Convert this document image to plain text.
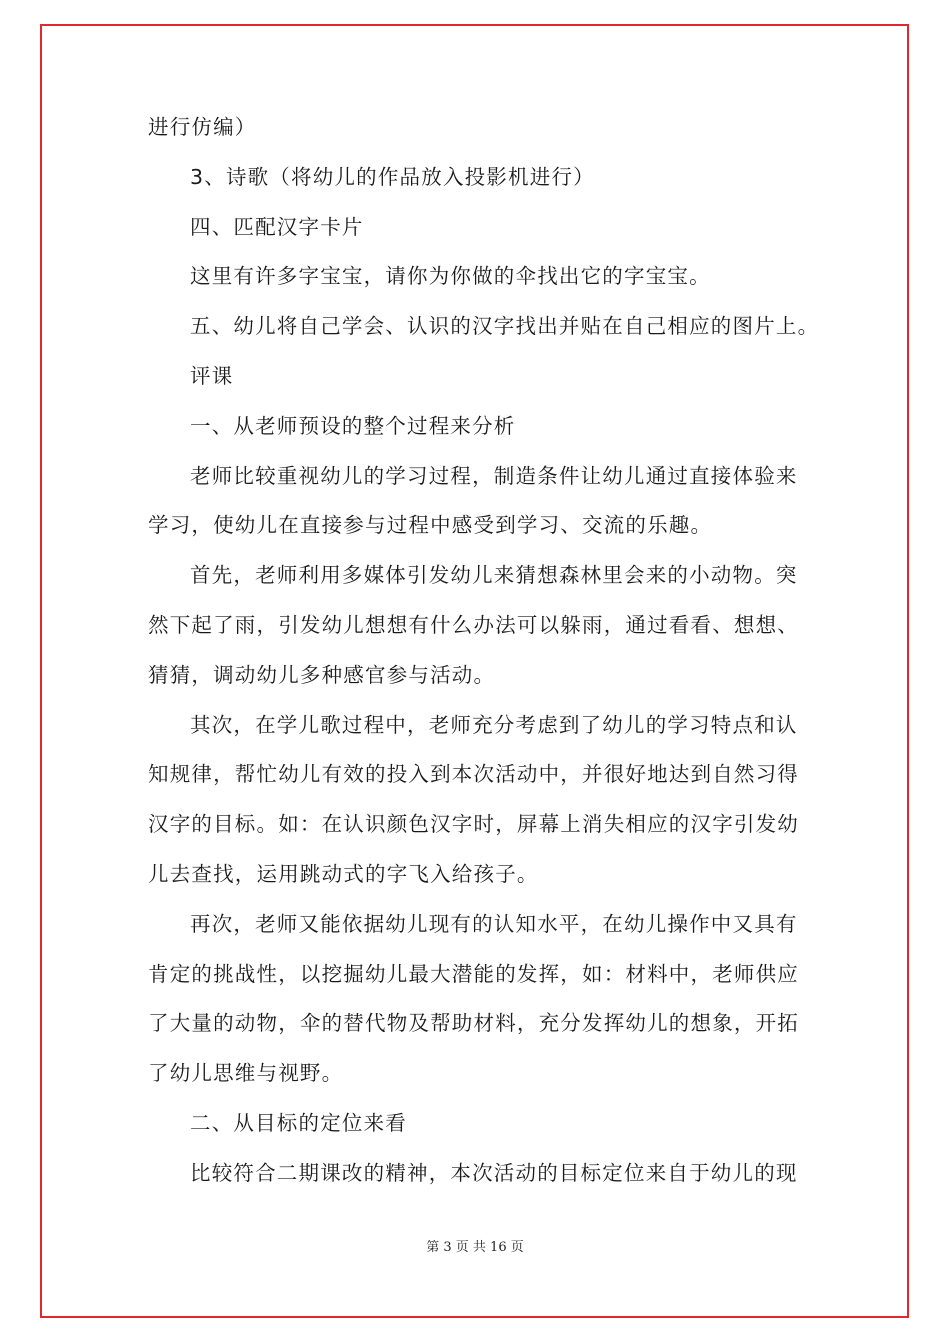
进行仿编）
3、诗歌（将幼儿的作品放入投影机进行）
四、匹配汉字卡片
这里有许多字宝宝，请你为你做的伞找出它的字宝宝。
五、幼儿将自己学会、认识的汉字找出并贴在自己相应的图片上。
评课
一、从老师预设的整个过程来分析
老师比较重视幼儿的学习过程，制造条件让幼儿通过直接体验来
学习，使幼儿在直接参与过程中感受到学习、交流的乐趣。
首先，老师利用多媒体引发幼儿来猜想森林里会来的小动物。突
然下起了雨，引发幼儿想想有什么办法可以躲雨，通过看看、想想、
猜猜，调动幼儿多种感官参与活动。
其次，在学儿歌过程中，老师充分考虑到了幼儿的学习特点和认
知规律，帮忙幼儿有效的投入到本次活动中，并很好地达到自然习得
汉字的目标。如：在认识颜色汉字时，屏幕上消失相应的汉字引发幼
儿去查找，运用跳动式的字飞入给孩子。
再次，老师又能依据幼儿现有的认知水平，在幼儿操作中又具有
肯定的挑战性，以挖掘幼儿最大潜能的发挥，如：材料中，老师供应
了大量的动物，伞的替代物及帮助材料，充分发挥幼儿的想象，开拓
了幼儿思维与视野。
二、从目标的定位来看
比较符合二期课改的精神，本次活动的目标定位来自于幼儿的现
第 3 页 共 16 页
